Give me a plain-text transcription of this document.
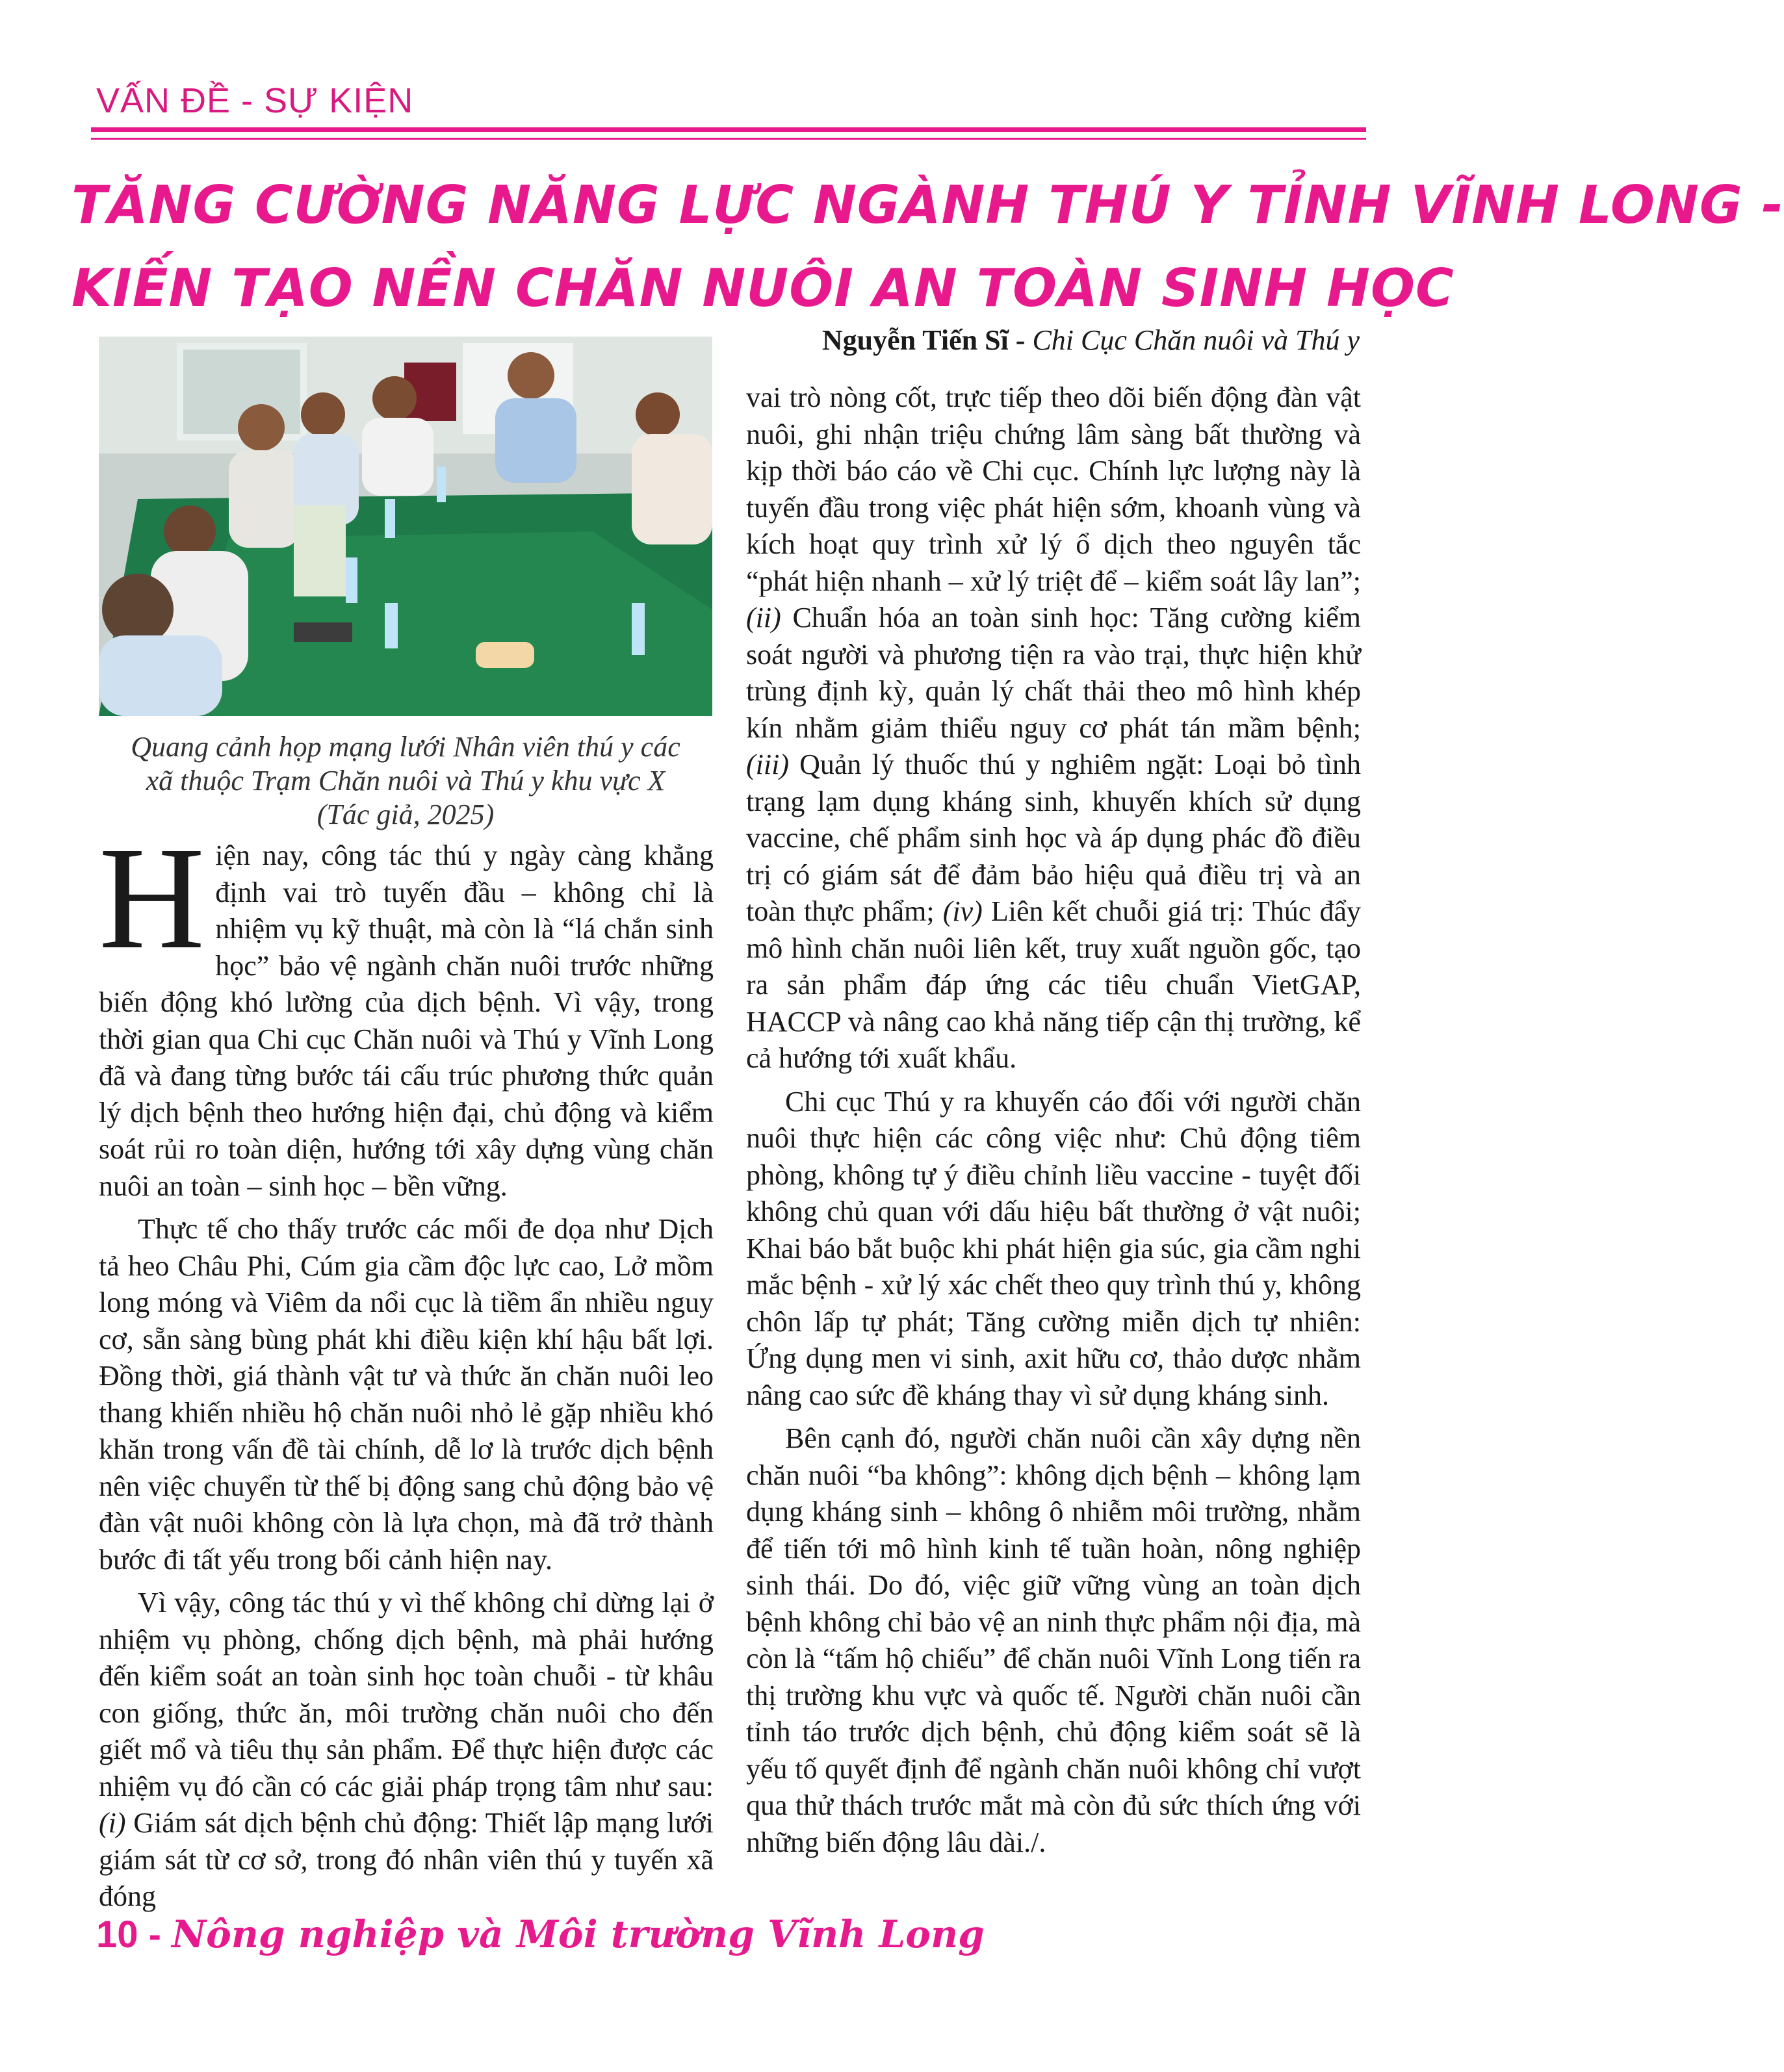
VẤN ĐỀ - SỰ KIỆN
TĂNG CƯỜNG NĂNG LỰC NGÀNH THÚ Y TỈNH VĨNH LONG -
KIẾN TẠO NỀN CHĂN NUÔI AN TOÀN SINH HỌC
Nguyễn Tiến Sĩ - Chi Cục Chăn nuôi và Thú y
Quang cảnh họp mạng lưới Nhân viên thú y các
xã thuộc Trạm Chăn nuôi và Thú y khu vực X
(Tác giả, 2025)

Hiện nay, công tác thú y ngày càng khẳng định vai trò tuyến đầu – không chỉ là nhiệm vụ kỹ thuật, mà còn là “lá chắn sinh học” bảo vệ ngành chăn nuôi trước những biến động khó lường của dịch bệnh. Vì vậy, trong thời gian qua Chi cục Chăn nuôi và Thú y Vĩnh Long đã và đang từng bước tái cấu trúc phương thức quản lý dịch bệnh theo hướng hiện đại, chủ động và kiểm soát rủi ro toàn diện, hướng tới xây dựng vùng chăn nuôi an toàn – sinh học – bền vững.

Thực tế cho thấy trước các mối đe dọa như Dịch tả heo Châu Phi, Cúm gia cầm độc lực cao, Lở mồm long móng và Viêm da nổi cục là tiềm ẩn nhiều nguy cơ, sẵn sàng bùng phát khi điều kiện khí hậu bất lợi. Đồng thời, giá thành vật tư và thức ăn chăn nuôi leo thang khiến nhiều hộ chăn nuôi nhỏ lẻ gặp nhiều khó khăn trong vấn đề tài chính, dễ lơ là trước dịch bệnh nên việc chuyển từ thế bị động sang chủ động bảo vệ đàn vật nuôi không còn là lựa chọn, mà đã trở thành bước đi tất yếu trong bối cảnh hiện nay.

Vì vậy, công tác thú y vì thế không chỉ dừng lại ở nhiệm vụ phòng, chống dịch bệnh, mà phải hướng đến kiểm soát an toàn sinh học toàn chuỗi - từ khâu con giống, thức ăn, môi trường chăn nuôi cho đến giết mổ và tiêu thụ sản phẩm. Để thực hiện được các nhiệm vụ đó cần có các giải pháp trọng tâm như sau: (i) Giám sát dịch bệnh chủ động: Thiết lập mạng lưới giám sát từ cơ sở, trong đó nhân viên thú y tuyến xã đóng

vai trò nòng cốt, trực tiếp theo dõi biến động đàn vật nuôi, ghi nhận triệu chứng lâm sàng bất thường và kịp thời báo cáo về Chi cục. Chính lực lượng này là tuyến đầu trong việc phát hiện sớm, khoanh vùng và kích hoạt quy trình xử lý ổ dịch theo nguyên tắc “phát hiện nhanh – xử lý triệt để – kiểm soát lây lan”; (ii) Chuẩn hóa an toàn sinh học: Tăng cường kiểm soát người và phương tiện ra vào trại, thực hiện khử trùng định kỳ, quản lý chất thải theo mô hình khép kín nhằm giảm thiểu nguy cơ phát tán mầm bệnh; (iii) Quản lý thuốc thú y nghiêm ngặt: Loại bỏ tình trạng lạm dụng kháng sinh, khuyến khích sử dụng vaccine, chế phẩm sinh học và áp dụng phác đồ điều trị có giám sát để đảm bảo hiệu quả điều trị và an toàn thực phẩm; (iv) Liên kết chuỗi giá trị: Thúc đẩy mô hình chăn nuôi liên kết, truy xuất nguồn gốc, tạo ra sản phẩm đáp ứng các tiêu chuẩn VietGAP, HACCP và nâng cao khả năng tiếp cận thị trường, kể cả hướng tới xuất khẩu.

Chi cục Thú y ra khuyến cáo đối với người chăn nuôi thực hiện các công việc như: Chủ động tiêm phòng, không tự ý điều chỉnh liều vaccine - tuyệt đối không chủ quan với dấu hiệu bất thường ở vật nuôi; Khai báo bắt buộc khi phát hiện gia súc, gia cầm nghi mắc bệnh - xử lý xác chết theo quy trình thú y, không chôn lấp tự phát; Tăng cường miễn dịch tự nhiên: Ứng dụng men vi sinh, axit hữu cơ, thảo dược nhằm nâng cao sức đề kháng thay vì sử dụng kháng sinh.

Bên cạnh đó, người chăn nuôi cần xây dựng nền chăn nuôi “ba không”: không dịch bệnh – không lạm dụng kháng sinh – không ô nhiễm môi trường, nhằm để tiến tới mô hình kinh tế tuần hoàn, nông nghiệp sinh thái. Do đó, việc giữ vững vùng an toàn dịch bệnh không chỉ bảo vệ an ninh thực phẩm nội địa, mà còn là “tấm hộ chiếu” để chăn nuôi Vĩnh Long tiến ra thị trường khu vực và quốc tế. Người chăn nuôi cần tỉnh táo trước dịch bệnh, chủ động kiểm soát sẽ là yếu tố quyết định để ngành chăn nuôi không chỉ vượt qua thử thách trước mắt mà còn đủ sức thích ứng với những biến động lâu dài./.

10 - Nông nghiệp và Môi trường Vĩnh Long
